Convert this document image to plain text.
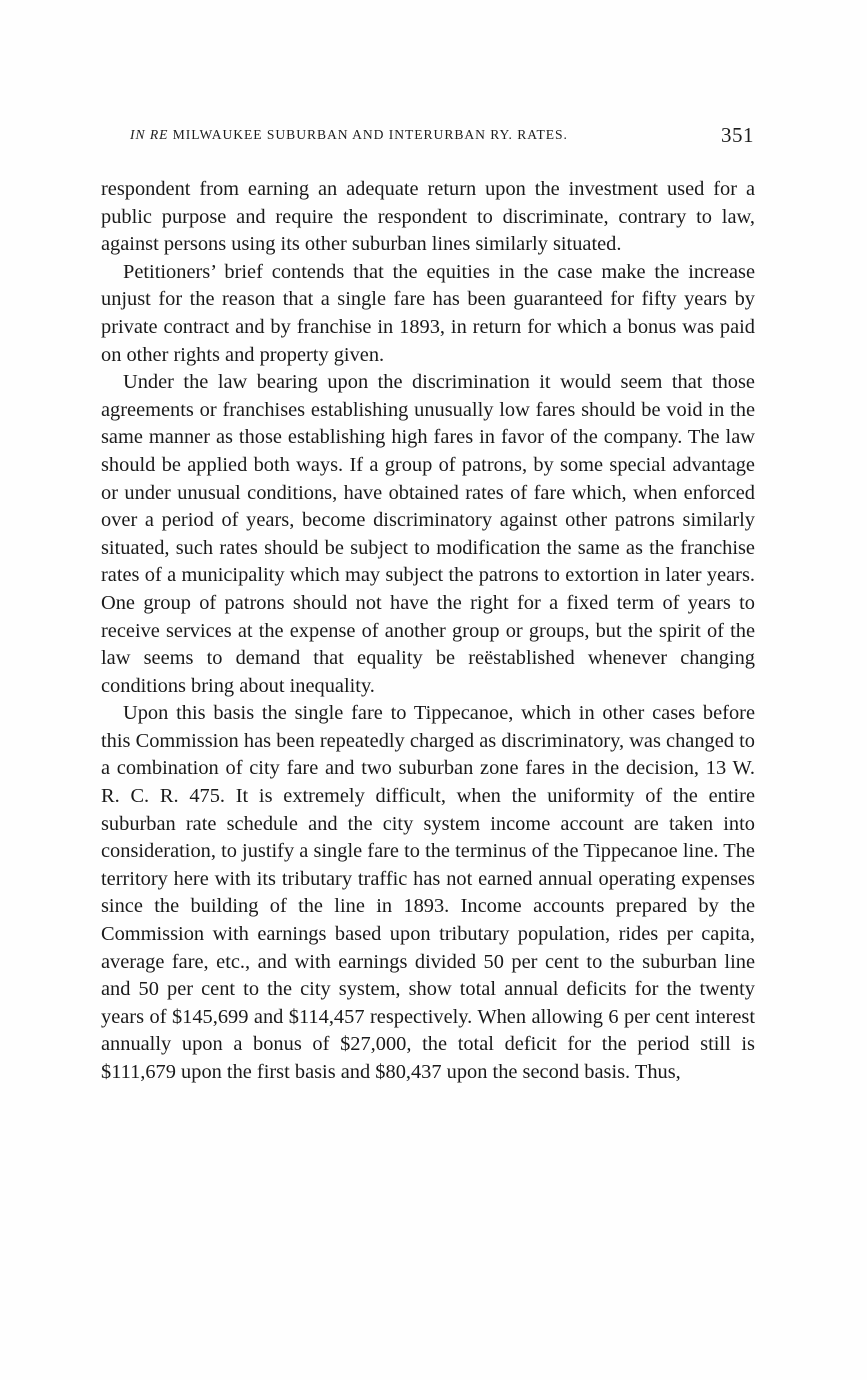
IN RE MILWAUKEE SUBURBAN AND INTERURBAN RY. RATES.	351

respondent from earning an adequate return upon the investment used for a public purpose and require the respondent to discriminate, contrary to law, against persons using its other suburban lines similarly situated.

Petitioners’ brief contends that the equities in the case make the increase unjust for the reason that a single fare has been guaranteed for fifty years by private contract and by franchise in 1893, in return for which a bonus was paid on other rights and property given.

Under the law bearing upon the discrimination it would seem that those agreements or franchises establishing unusually low fares should be void in the same manner as those establishing high fares in favor of the company. The law should be applied both ways. If a group of patrons, by some special advantage or under unusual conditions, have obtained rates of fare which, when enforced over a period of years, become discriminatory against other patrons similarly situated, such rates should be subject to modification the same as the franchise rates of a municipality which may subject the patrons to extortion in later years. One group of patrons should not have the right for a fixed term of years to receive services at the expense of another group or groups, but the spirit of the law seems to demand that equality be reëstablished whenever changing conditions bring about inequality.

Upon this basis the single fare to Tippecanoe, which in other cases before this Commission has been repeatedly charged as discriminatory, was changed to a combination of city fare and two suburban zone fares in the decision, 13 W. R. C. R. 475. It is extremely difficult, when the uniformity of the entire suburban rate schedule and the city system income account are taken into consideration, to justify a single fare to the terminus of the Tippecanoe line. The territory here with its tributary traffic has not earned annual operating expenses since the building of the line in 1893. Income accounts prepared by the Commission with earnings based upon tributary population, rides per capita, average fare, etc., and with earnings divided 50 per cent to the suburban line and 50 per cent to the city system, show total annual deficits for the twenty years of $145,699 and $114,457 respectively. When allowing 6 per cent interest annually upon a bonus of $27,000, the total deficit for the period still is $111,679 upon the first basis and $80,437 upon the second basis. Thus,
